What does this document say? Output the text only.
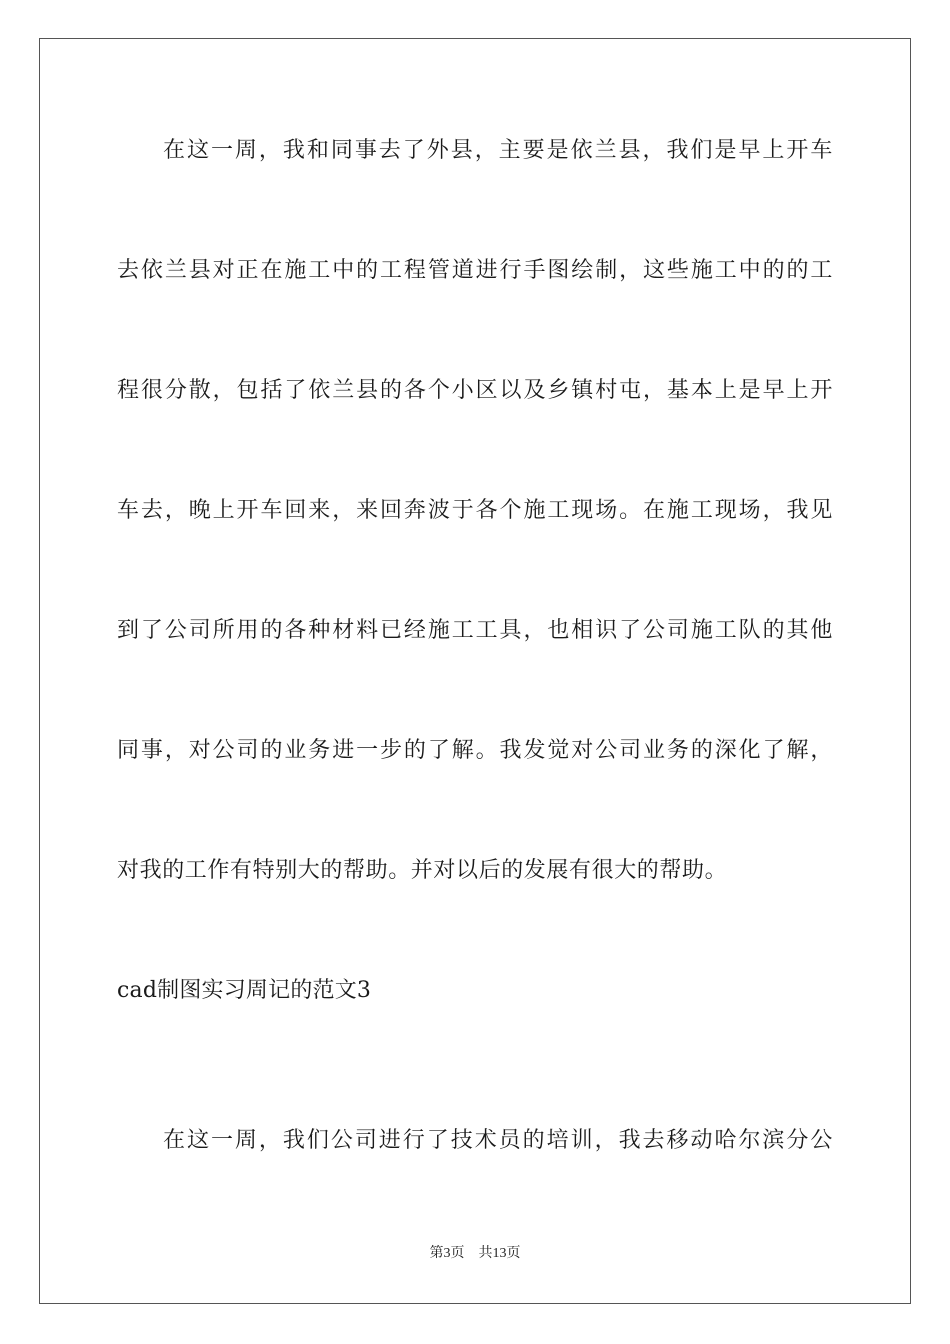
在这一周，我和同事去了外县，主要是依兰县，我们是早上开车
去依兰县对正在施工中的工程管道进行手图绘制，这些施工中的的工
程很分散，包括了依兰县的各个小区以及乡镇村屯，基本上是早上开
车去，晚上开车回来，来回奔波于各个施工现场。在施工现场，我见
到了公司所用的各种材料已经施工工具，也相识了公司施工队的其他
同事，对公司的业务进一步的了解。我发觉对公司业务的深化了解，
对我的工作有特别大的帮助。并对以后的发展有很大的帮助。
cad制图实习周记的范文3
在这一周，我们公司进行了技术员的培训，我去移动哈尔滨分公
第3页 共13页
